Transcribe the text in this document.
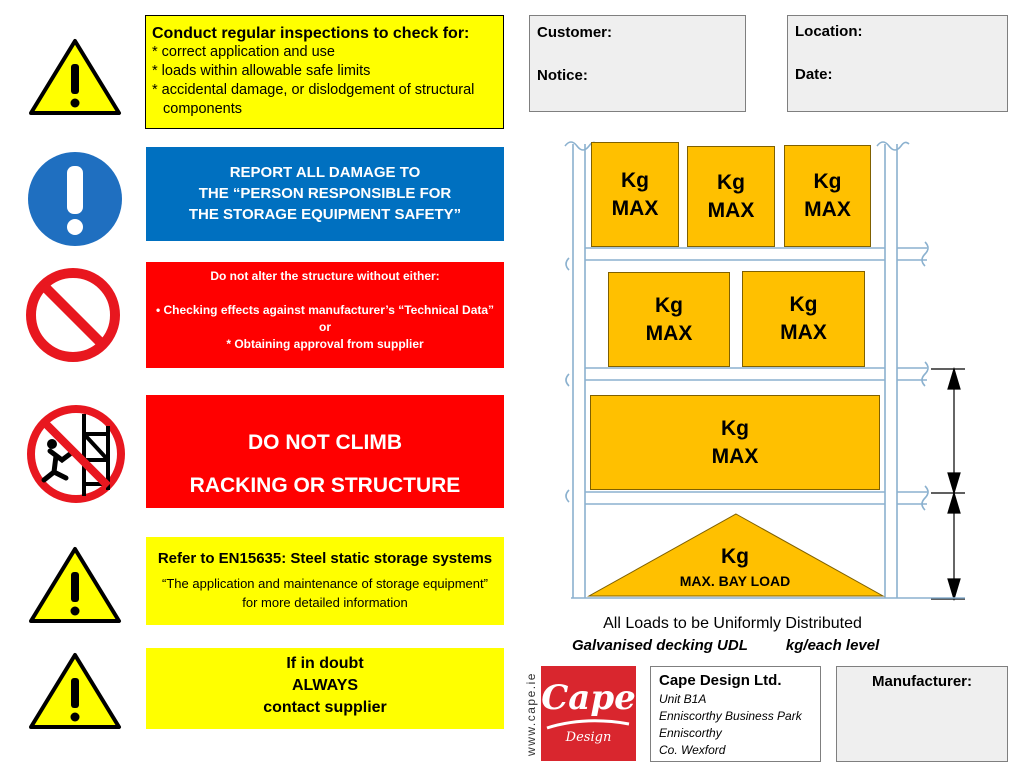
Conduct regular inspections to check for:
* correct application and use
* loads within allowable safe limits
* accidental damage, or dislodgement of structural
components
REPORT ALL DAMAGE TO
THE “PERSON RESPONSIBLE FOR
THE STORAGE EQUIPMENT SAFETY”
Do not alter the structure without either:
• Checking effects against manufacturer’s “Technical Data”
or
* Obtaining approval from supplier
DO NOT CLIMB
RACKING OR STRUCTURE
Refer to EN15635: Steel static storage systems
“The application and maintenance of storage equipment”
for more detailed information
If in doubt
ALWAYS
contact supplier
Customer:
Notice:
Location:
Date:
Kg
MAX
Kg
MAX
Kg
MAX
Kg
MAX
Kg
MAX
Kg
MAX
Kg
MAX. BAY LOAD
All Loads to be Uniformly Distributed
Galvanised decking UDL	kg/each level
www.cape.ie Cape
Design
Cape Design Ltd.
Unit B1A
Enniscorthy Business Park
Enniscorthy
Co. Wexford
Manufacturer:
